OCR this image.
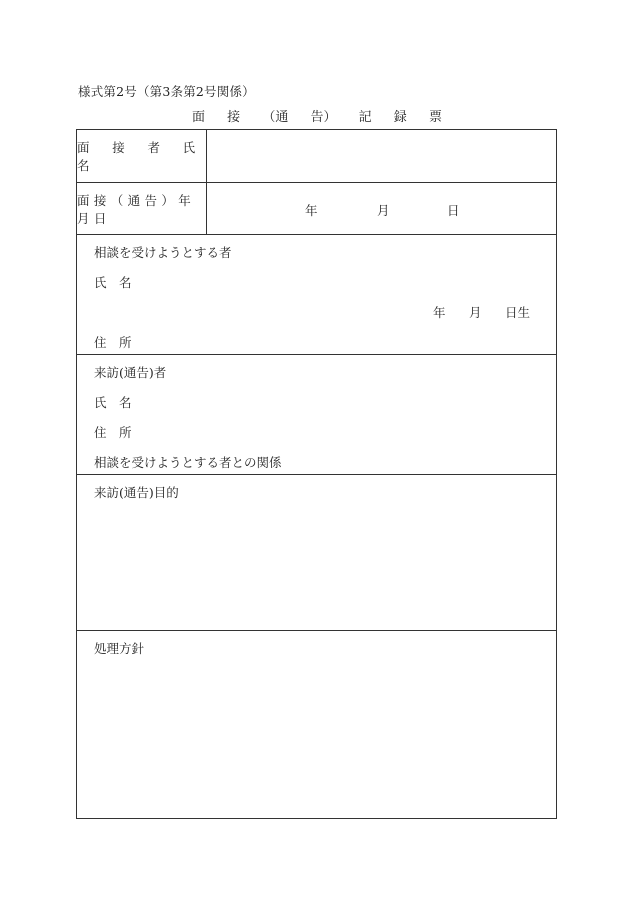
様式第2号（第3条第2号関係）
面 接 （通 告） 記 録 票
面 接 者 氏 名
面接（通告）年月日	年	月	日
相談を受けようとする者
氏　名
年 月 日生
住　所
来訪(通告)者
氏　名
住　所
相談を受けようとする者との関係
来訪(通告)目的
処理方針
